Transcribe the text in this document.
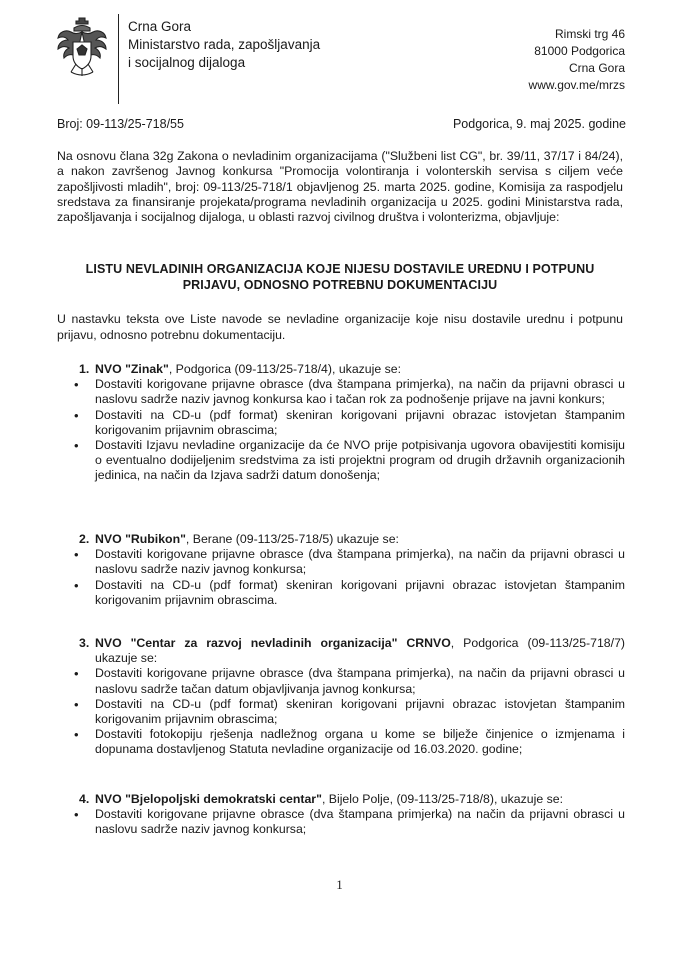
Crna Gora
Ministarstvo rada, zapošljavanja
i socijalnog dijaloga
Rimski trg 46
81000 Podgorica
Crna Gora
www.gov.me/mrzs
Broj: 09-113/25-718/55	Podgorica, 9. maj 2025. godine
Na osnovu člana 32g Zakona o nevladinim organizacijama ("Službeni list CG", br. 39/11, 37/17 i 84/24), a nakon završenog Javnog konkursa "Promocija volontiranja i volonterskih servisa s ciljem veće zapošljivosti mladih", broj: 09-113/25-718/1 objavljenog 25. marta 2025. godine, Komisija za raspodjelu sredstava za finansiranje projekata/programa nevladinih organizacija u 2025. godini Ministarstva rada, zapošljavanja i socijalnog dijaloga, u oblasti razvoj civilnog društva i volonterizma, objavljuje:
LISTU NEVLADINIH ORGANIZACIJA KOJE NIJESU DOSTAVILE UREDNU I POTPUNU PRIJAVU, ODNOSNO POTREBNU DOKUMENTACIJU
U nastavku teksta ove Liste navode se nevladine organizacije koje nisu dostavile urednu i potpunu prijavu, odnosno potrebnu dokumentaciju.
1. NVO "Zinak", Podgorica (09-113/25-718/4), ukazuje se:
• Dostaviti korigovane prijavne obrasce (dva štampana primjerka), na način da prijavni obrasci u naslovu sadrže naziv javnog konkursa kao i tačan rok za podnošenje prijave na javni konkurs;
• Dostaviti na CD-u (pdf format) skeniran korigovani prijavni obrazac istovjetan štampanim korigovanim prijavnim obrascima;
• Dostaviti Izjavu nevladine organizacije da će NVO prije potpisivanja ugovora obavijestiti komisiju o eventualno dodijeljenim sredstvima za isti projektni program od drugih državnih organizacionih jedinica, na način da Izjava sadrži datum donošenja;
2. NVO "Rubikon", Berane (09-113/25-718/5) ukazuje se:
• Dostaviti korigovane prijavne obrasce (dva štampana primjerka), na način da prijavni obrasci u naslovu sadrže naziv javnog konkursa;
• Dostaviti na CD-u (pdf format) skeniran korigovani prijavni obrazac istovjetan štampanim korigovanim prijavnim obrascima.
3. NVO "Centar za razvoj nevladinih organizacija" CRNVO, Podgorica (09-113/25-718/7) ukazuje se:
• Dostaviti korigovane prijavne obrasce (dva štampana primjerka), na način da prijavni obrasci u naslovu sadrže tačan datum objavljivanja javnog konkursa;
• Dostaviti na CD-u (pdf format) skeniran korigovani prijavni obrazac istovjetan štampanim korigovanim prijavnim obrascima;
• Dostaviti fotokopiju rješenja nadležnog organa u kome se bilježe činjenice o izmjenama i dopunama dostavljenog Statuta nevladine organizacije od 16.03.2020. godine;
4. NVO "Bjelopoljski demokratski centar", Bijelo Polje, (09-113/25-718/8), ukazuje se:
• Dostaviti korigovane prijavne obrasce (dva štampana primjerka) na način da prijavni obrasci u naslovu sadrže naziv javnog konkursa;
1
